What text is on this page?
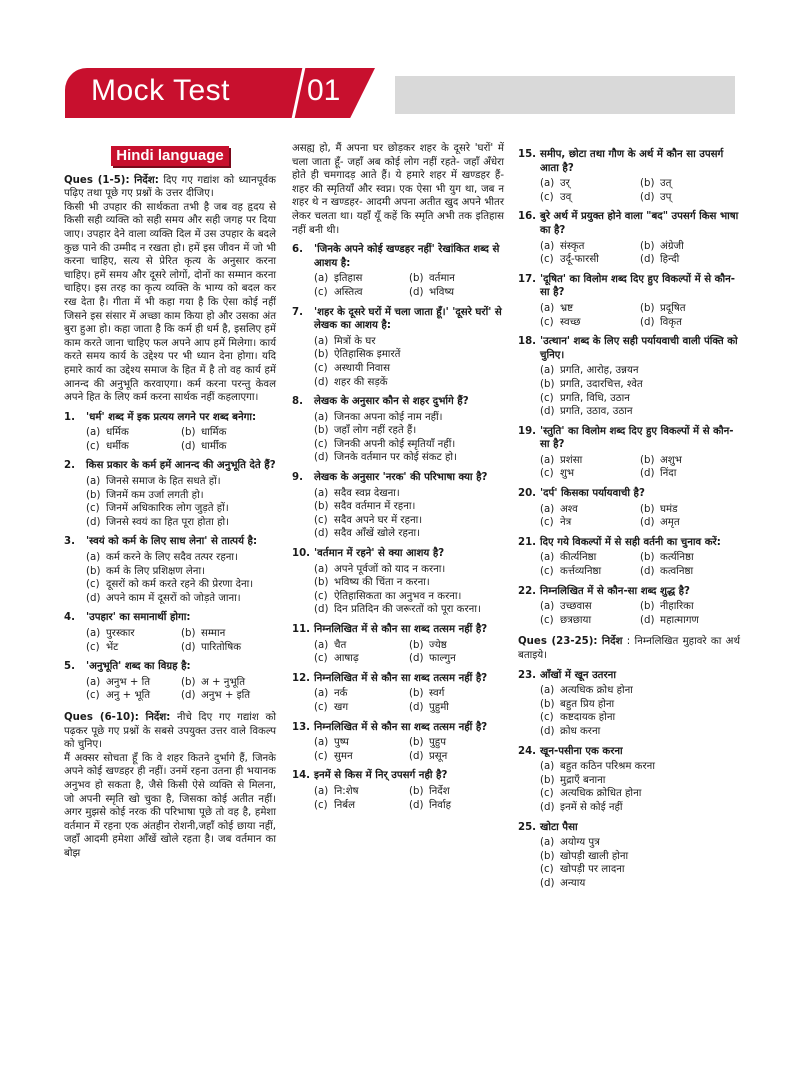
Mock Test	01
Hindi language
Ques (1-5): निर्देश: दिए गए गद्यांश को ध्यानपूर्वक पढ़िए तथा पूछे गए प्रश्नों के उत्तर दीजिए।
किसी भी उपहार की सार्थकता तभी है जब वह हृदय से किसी सही व्यक्ति को सही समय और सही जगह पर दिया जाए। उपहार देने वाला व्यक्ति दिल में उस उपहार के बदले कुछ पाने की उम्मीद न रखता हो। हमें इस जीवन में जो भी करना चाहिए, सत्य से प्रेरित कृत्य के अनुसार करना चाहिए। हमें समय और दूसरे लोगों, दोनों का सम्मान करना चाहिए। इस तरह का कृत्य व्यक्ति के भाग्य को बदल कर रख देता है। गीता में भी कहा गया है कि ऐसा कोई नहीं जिसने इस संसार में अच्छा काम किया हो और उसका अंत बुरा हुआ हो। कहा जाता है कि कर्म ही धर्म है, इसलिए हमें काम करते जाना चाहिए फल अपने आप हमें मिलेगा। कार्य करते समय कार्य के उद्देश्य पर भी ध्यान देना होगा। यदि हमारे कार्य का उद्देश्य समाज के हित में है तो वह कार्य हमें आनन्द की अनुभूति करवाएगा। कर्म करना परन्तु केवल अपने हित के लिए कर्म करना सार्थक नहीं कहलाएगा।
1.	'धर्म' शब्द में इक प्रत्यय लगने पर शब्द बनेगा:
(a) धर्मिक	(b) धार्मिक
(c) धर्मीक	(d) धार्मीक
2.	किस प्रकार के कर्म हमें आनन्द की अनुभूति देते हैं?
(a) जिनसे समाज के हित सधते हों।
(b) जिनमें कम उर्जा लगती हो।
(c) जिनमें अधिकारिक लोग जुड़ते हों।
(d) जिनसे स्वयं का हित पूरा होता हो।
3.	'स्वयं को कर्म के लिए साध लेना' से तात्पर्य है:
(a) कर्म करने के लिए सदैव तत्पर रहना।
(b) कर्म के लिए प्रशिक्षण लेना।
(c) दूसरों को कर्म करते रहने की प्रेरणा देना।
(d) अपने काम में दूसरों को जोड़ते जाना।
4.	'उपहार' का समानार्थी होगा:
(a) पुरस्कार	(b) सम्मान
(c) भेंट	(d) पारितोषिक
5.	'अनुभूति' शब्द का विग्रह है:
(a) अनुभ + ति	(b) अ + नुभूति
(c) अनु + भूति	(d) अनुभ + इति
Ques (6-10): निर्देश: नीचे दिए गए गद्यांश को पढ़कर पूछे गए प्रश्नों के सबसे उपयुक्त उत्तर वाले विकल्प को चुनिए।
मैं अक्सर सोचता हूँ कि वे शहर कितने दुर्भागे हैं, जिनके अपने कोई खण्डहर ही नहीं। उनमें रहना उतना ही भयानक अनुभव हो सकता है, जैसे किसी ऐसे व्यक्ति से मिलना, जो अपनी स्मृति खो चुका है, जिसका कोई अतीत नहीं। अगर मुझसे कोई नरक की परिभाषा पूछे तो वह है, हमेशा वर्तमान में रहना एक अंतहीन रोशनी,जहाँ कोई छाया नहीं, जहाँ आदमी हमेशा आँखें खोले रहता है। जब वर्तमान का बोझ
असह्य हो, मैं अपना घर छोड़कर शहर के दूसरे 'घरों' में चला जाता हूँ- जहाँ अब कोई लोग नहीं रहते- जहाँ अँधेरा होते ही चमगादड़ आते हैं। ये हमारे शहर में खण्डहर हैं- शहर की स्मृतियाँ और स्वप्न। एक ऐसा भी युग था, जब न शहर थे न खण्डहर- आदमी अपना अतीत खुद अपने भीतर लेकर चलता था। यहाँ यूँ कहें कि स्मृति अभी तक इतिहास नहीं बनी थी।
6.	'जिनके अपने कोई खण्डहर नहीं' रेखांकित शब्द से आशय है:
(a) इतिहास	(b) वर्तमान
(c) अस्तित्व	(d) भविष्य
7.	'शहर के दूसरे घरों में चला जाता हूँ।' 'दूसरे घरों' से लेखक का आशय है:
(a) मित्रों के घर
(b) ऐतिहासिक इमारतें
(c) अस्थायी निवास
(d) शहर की सड़कें
8.	लेखक के अनुसार कौन से शहर दुर्भागे हैं?
(a) जिनका अपना कोई नाम नहीं।
(b) जहाँ लोग नहीं रहते हैं।
(c) जिनकी अपनी कोई स्मृतियाँ नहीं।
(d) जिनके वर्तमान पर कोई संकट हो।
9.	लेखक के अनुसार 'नरक' की परिभाषा क्या है?
(a) सदैव स्वप्न देखना।
(b) सदैव वर्तमान में रहना।
(c) सदैव अपने घर में रहना।
(d) सदैव आँखें खोले रहना।
10. 'वर्तमान में रहने' से क्या आशय है?
(a) अपने पूर्वजों को याद न करना।
(b) भविष्य की चिंता न करना।
(c) ऐतिहासिकता का अनुभव न करना।
(d) दिन प्रतिदिन की जरूरतों को पूरा करना।
11. निम्नलिखित में से कौन सा शब्द तत्सम नहीं है?
(a) चैत	(b) ज्येष्ठ
(c) आषाढ़	(d) फाल्गुन
12. निम्नलिखित में से कौन सा शब्द तत्सम नहीं है?
(a) नर्क	(b) स्वर्ग
(c) खग	(d) पुहुमी
13. निम्नलिखित में से कौन सा शब्द तत्सम नहीं है?
(a) पुष्प	(b) पुहुप
(c) सुमन	(d) प्रसून
14. इनमें से किस में निर् उपसर्ग नही है?
(a) नि:शेष	(b) निर्देश
(c) निर्बल	(d) निर्वाह
15. समीप, छोटा तथा गौण के अर्थ में कौन सा उपसर्ग आता है?
(a) उर्	(b) उत्
(c) उव्	(d) उप्
16. बुरे अर्थ में प्रयुक्त होने वाला "बद" उपसर्ग किस भाषा का है?
(a) संस्कृत	(b) अंग्रेजी
(c) उर्दू-फारसी	(d) हिन्दी
17. 'दूषित' का विलोम शब्द दिए हुए विकल्पों में से कौन-सा है?
(a) भ्रष्ट	(b) प्रदूषित
(c) स्वच्छ	(d) विकृत
18. 'उत्थान' शब्द के लिए सही पर्यायवाची वाली पंक्ति को चुनिए।
(a) प्रगति, आरोह, उन्नयन
(b) प्रगति, उदारचित्त, श्वेत
(c) प्रगति, विधि, उठान
(d) प्रगति, उठाव, उठान
19. 'स्तुति' का विलोम शब्द दिए हुए विकल्पों में से कौन-सा है?
(a) प्रशंसा	(b) अशुभ
(c) शुभ	(d) निंदा
20. 'दर्प' किसका पर्यायवाची है?
(a) अश्व	(b) घमंड
(c) नेत्र	(d) अमृत
21. दिए गये विकल्पों में से सही वर्तनी का चुनाव करें:
(a) कीर्त्यनिष्ठा	(b) कर्त्यनिष्ठा
(c) कर्त्तव्यनिष्ठा	(d) कत्वनिष्ठा
22. निम्नलिखित में से कौन-सा शब्द शुद्ध है?
(a) उच्छवास	(b) नीहारिका
(c) छत्रछाया	(d) महात्मागण
Ques (23-25): निर्देश : निम्नलिखित मुहावरे का अर्थ बताइये।
23. आँखों में खून उतरना
(a) अत्यधिक क्रोध होना
(b) बहुत प्रिय होना
(c) कष्टदायक होना
(d) क्रोध करना
24. खून-पसीना एक करना
(a) बहुत कठिन परिश्रम करना
(b) मुद्राएँ बनाना
(c) अत्यधिक क्रोधित होना
(d) इनमें से कोई नहीं
25. खोटा पैसा
(a) अयोग्य पुत्र
(b) खोपड़ी खाली होना
(c) खोपड़ी पर लादना
(d) अन्याय
